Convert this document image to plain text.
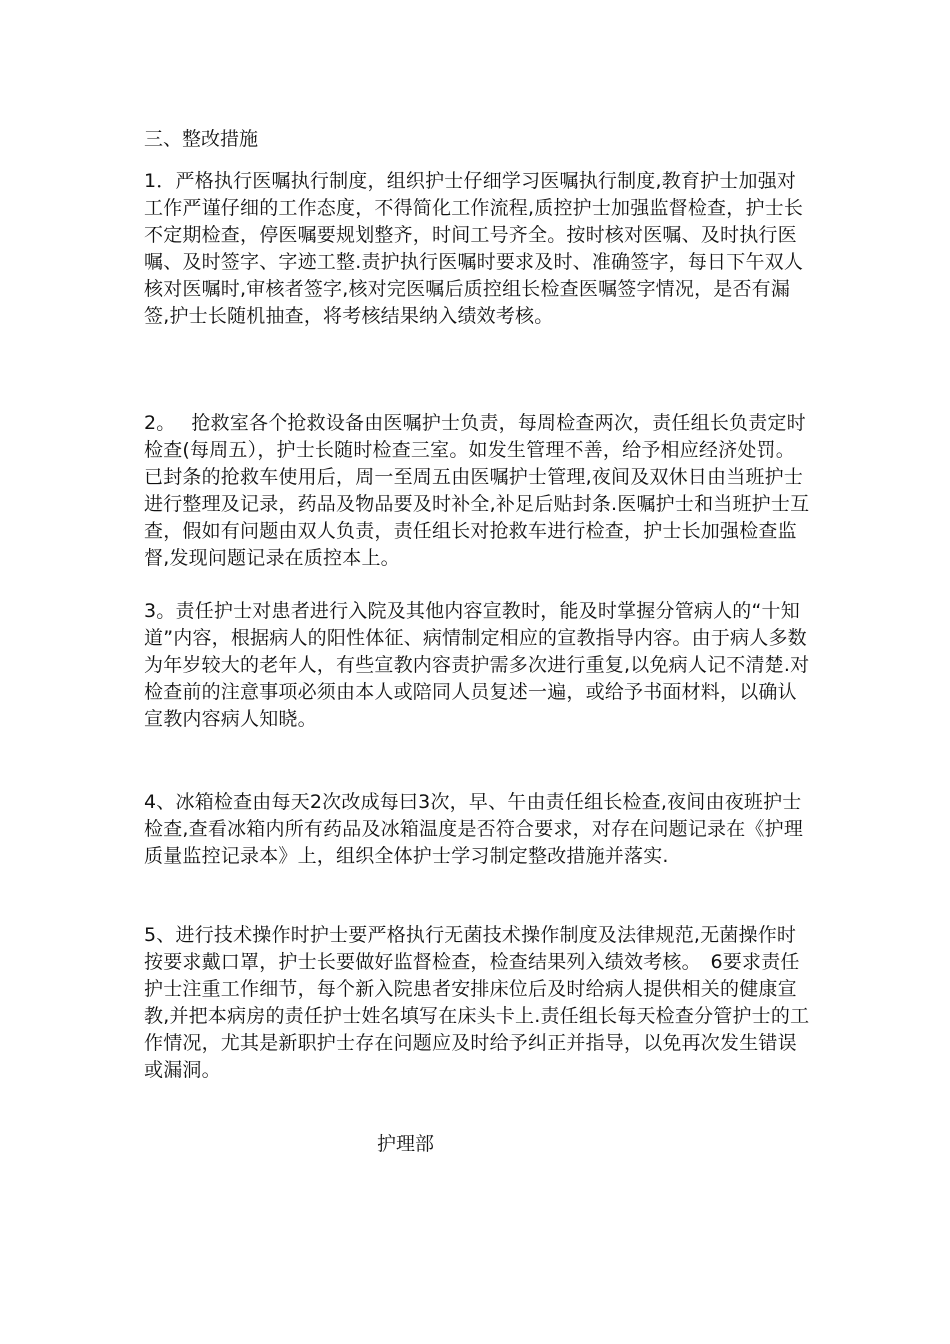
三、整改措施

1．严格执行医嘱执行制度，组织护士仔细学习医嘱执行制度,教育护士加强对工作严谨仔细的工作态度，不得简化工作流程,质控护士加强监督检查，护士长不定期检查，停医嘱要规划整齐，时间工号齐全。按时核对医嘱、及时执行医嘱、及时签字、字迹工整.责护执行医嘱时要求及时、准确签字，每日下午双人核对医嘱时,审核者签字,核对完医嘱后质控组长检查医嘱签字情况，是否有漏签,护士长随机抽查，将考核结果纳入绩效考核。

2。　 抢救室各个抢救设备由医嘱护士负责，每周检查两次，责任组长负责定时检查(每周五），护士长随时检查三室。如发生管理不善，给予相应经济处罚。已封条的抢救车使用后，周一至周五由医嘱护士管理,夜间及双休日由当班护士进行整理及记录，药品及物品要及时补全,补足后贴封条.医嘱护士和当班护士互查，假如有问题由双人负责，责任组长对抢救车进行检查，护士长加强检查监督,发现问题记录在质控本上。

3。责任护士对患者进行入院及其他内容宣教时，能及时掌握分管病人的“十知道”内容，根据病人的阳性体征、病情制定相应的宣教指导内容。由于病人多数为年岁较大的老年人，有些宣教内容责护需多次进行重复,以免病人记不清楚.对检查前的注意事项必须由本人或陪同人员复述一遍，或给予书面材料，以确认宣教内容病人知晓。

4、冰箱检查由每天2次改成每曰3次，早、午由责任组长检查,夜间由夜班护士检查,查看冰箱内所有药品及冰箱温度是否符合要求，对存在问题记录在《护理质量监控记录本》上，组织全体护士学习制定整改措施并落实.

5、进行技术操作时护士要严格执行无菌技术操作制度及法律规范,无菌操作时按要求戴口罩，护士长要做好监督检查，检查结果列入绩效考核。　6要求责任护士注重工作细节，每个新入院患者安排床位后及时给病人提供相关的健康宣教,并把本病房的责任护士姓名填写在床头卡上.责任组长每天检查分管护士的工作情况，尤其是新职护士存在问题应及时给予纠正并指导，以免再次发生错误或漏洞。

护理部
